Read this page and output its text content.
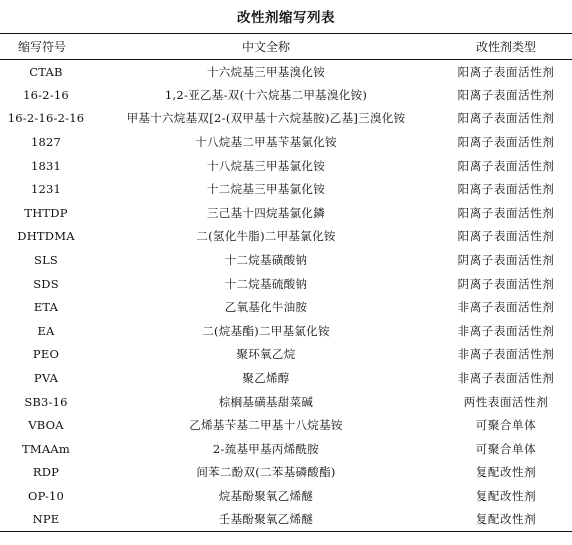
改性剂缩写列表
缩写符号	中文全称	改性剂类型
CTAB	十六烷基三甲基溴化铵	阳离子表面活性剂
16-2-16	1,2-亚乙基-双(十六烷基二甲基溴化铵)	阳离子表面活性剂
16-2-16-2-16	甲基十六烷基双[2-(双甲基十六烷基胺)乙基]三溴化铵	阳离子表面活性剂
1827	十八烷基二甲基苄基氯化铵	阳离子表面活性剂
1831	十八烷基三甲基氯化铵	阳离子表面活性剂
1231	十二烷基三甲基氯化铵	阳离子表面活性剂
THTDP	三己基十四烷基氯化鏻	阳离子表面活性剂
DHTDMA	二(氢化牛脂)二甲基氯化铵	阳离子表面活性剂
SLS	十二烷基磺酸钠	阴离子表面活性剂
SDS	十二烷基硫酸钠	阴离子表面活性剂
ETA	乙氧基化牛油胺	非离子表面活性剂
EA	二(烷基酯)二甲基氯化铵	非离子表面活性剂
PEO	聚环氧乙烷	非离子表面活性剂
PVA	聚乙烯醇	非离子表面活性剂
SB3-16	棕榈基磺基甜菜碱	两性表面活性剂
VBOA	乙烯基苄基二甲基十八烷基铵	可聚合单体
TMAAm	2-巯基甲基丙烯酰胺	可聚合单体
RDP	间苯二酚双(二苯基磷酸酯)	复配改性剂
OP-10	烷基酚聚氧乙烯醚	复配改性剂
NPE	壬基酚聚氧乙烯醚	复配改性剂
